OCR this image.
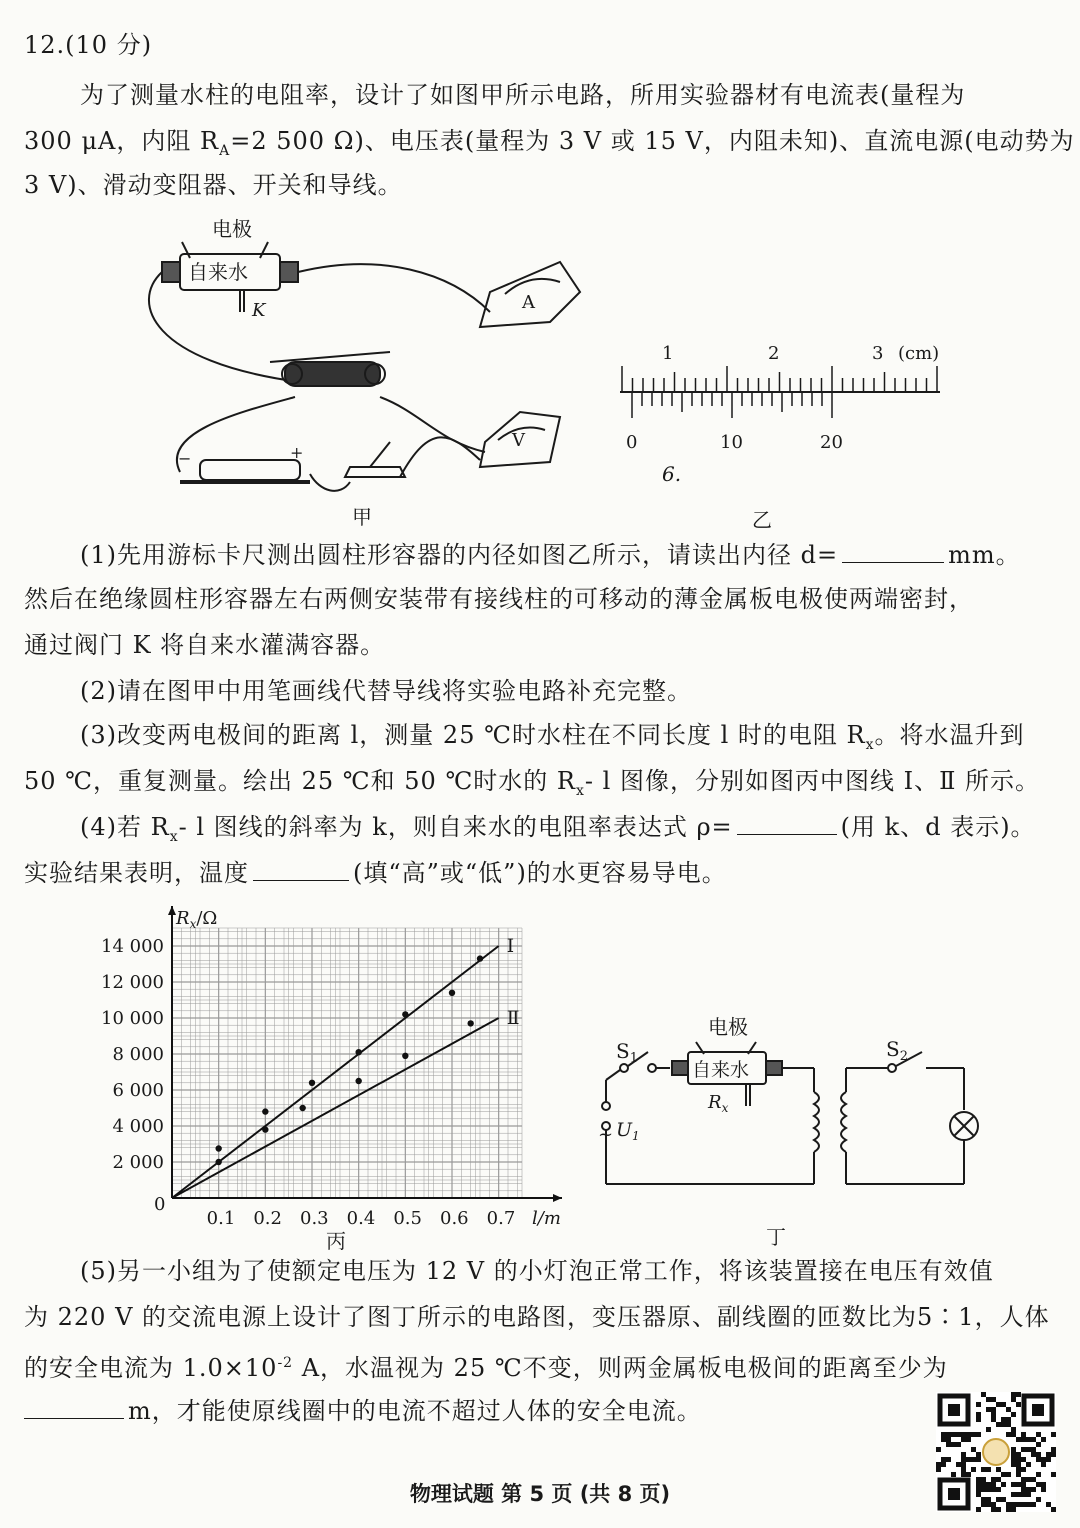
12.(10 分)
为了测量水柱的电阻率，设计了如图甲所示电路，所用实验器材有电流表(量程为
300 μA，内阻 $R_A=2$ 500 Ω)、电压表(量程为 3 V 或 15 V，内阻未知)、直流电源(电动势为
3 V)、滑动变阻器、开关和导线。
电极
自来水
K	A
V
−	+
甲
1	2	3 (cm)
0	10	20
6.
乙
(1)先用游标卡尺测出圆柱形容器的内径如图乙所示，请读出内径 d=	mm。
然后在绝缘圆柱形容器左右两侧安装带有接线柱的可移动的薄金属板电极使两端密封，
通过阀门 K 将自来水灌满容器。
(2)请在图甲中用笔画线代替导线将实验电路补充完整。
(3)改变两电极间的距离 l，测量 25 ℃时水柱在不同长度 l 时的电阻 $R_x$。将水温升到
50 ℃，重复测量。绘出 25 ℃和 50 ℃时水的 $R_x-$ l 图像，分别如图丙中图线 Ⅰ、Ⅱ 所示。
(4)若 $R_x-$ l 图线的斜率为 k，则自来水的电阻率表达式 ρ=	(用 k、d 表示)。
实验结果表明，温度	(填“高”或“低”)的水更容易导电。
Ⅰ
Ⅱ
0.1 0.2 0.3 0.4 0.5 0.6 0.7
2 000
4 000
6 000
8 000
10 000
12 000
14 000
0
$R_x/\Omega$
l/m
丙
$S_1$	$S_2$
电极
自来水
$R_x$
~ $U_1$
丁
(5)另一小组为了使额定电压为 12 V 的小灯泡正常工作，将该装置接在电压有效值
为 220 V 的交流电源上设计了图丁所示的电路图，变压器原、副线圈的匝数比为5∶1，人体
的安全电流为 $1.0\times 10^{-2}$ A，水温视为 25 ℃不变，则两金属板电极间的距离至少为
m，才能使原线圈中的电流不超过人体的安全电流。
物理试题 第 5 页 (共 8 页)
